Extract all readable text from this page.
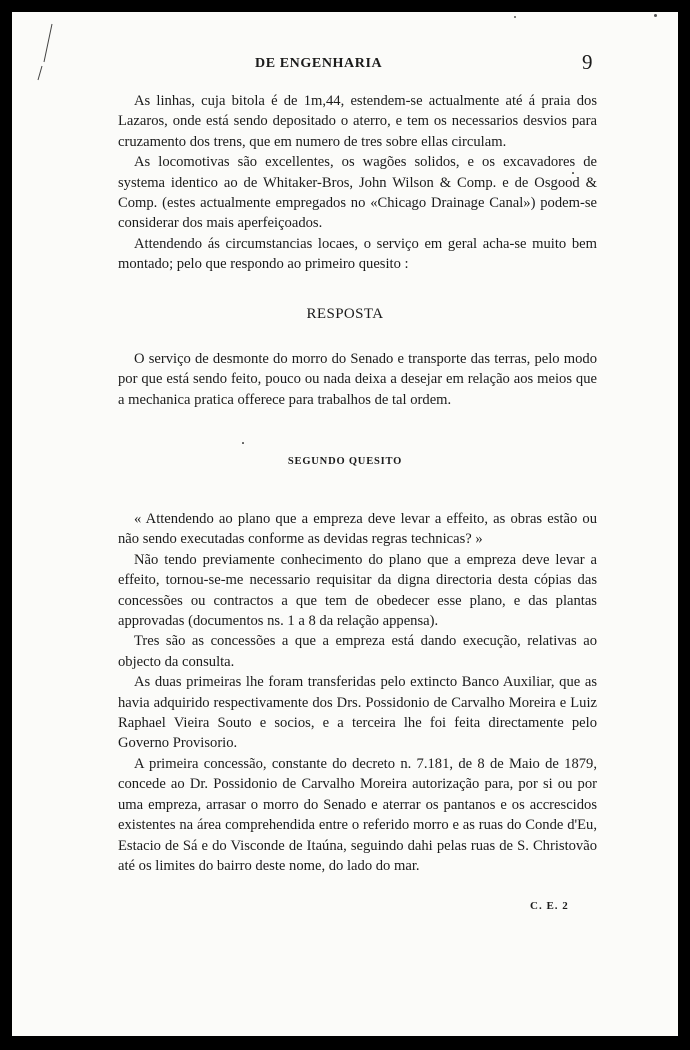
DE ENGENHARIA	9

As linhas, cuja bitola é de 1m,44, estendem-se actualmente até á praia dos Lazaros, onde está sendo depositado o aterro, e tem os necessarios desvios para cruzamento dos trens, que em numero de tres sobre ellas circulam.

As locomotivas são excellentes, os wagões solidos, e os excavadores de systema identico ao de Whitaker-Bros, John Wilson & Comp. e de Osgood & Comp. (estes actualmente empregados no «Chicago Drainage Canal») podem-se considerar dos mais aperfeiçoados.

Attendendo ás circumstancias locaes, o serviço em geral acha-se muito bem montado; pelo que respondo ao primeiro quesito :

RESPOSTA

O serviço de desmonte do morro do Senado e transporte das terras, pelo modo por que está sendo feito, pouco ou nada deixa a desejar em relação aos meios que a mechanica pratica offerece para trabalhos de tal ordem.

SEGUNDO QUESITO

« Attendendo ao plano que a empreza deve levar a effeito, as obras estão ou não sendo executadas conforme as devidas regras technicas? »

Não tendo previamente conhecimento do plano que a empreza deve levar a effeito, tornou-se-me necessario requisitar da digna directoria desta cópias das concessões ou contractos a que tem de obedecer esse plano, e das plantas approvadas (documentos ns. 1 a 8 da relação appensa).

Tres são as concessões a que a empreza está dando execução, relativas ao objecto da consulta.

As duas primeiras lhe foram transferidas pelo extincto Banco Auxiliar, que as havia adquirido respectivamente dos Drs. Possidonio de Carvalho Moreira e Luiz Raphael Vieira Souto e socios, e a terceira lhe foi feita directamente pelo Governo Provisorio.

A primeira concessão, constante do decreto n. 7.181, de 8 de Maio de 1879, concede ao Dr. Possidonio de Carvalho Moreira autorização para, por si ou por uma empreza, arrasar o morro do Senado e aterrar os pantanos e os accrescidos existentes na área comprehendida entre o referido morro e as ruas do Conde d'Eu, Estacio de Sá e do Visconde de Itaúna, seguindo dahi pelas ruas de S. Christovão até os limites do bairro deste nome, do lado do mar.

C. E. 2
